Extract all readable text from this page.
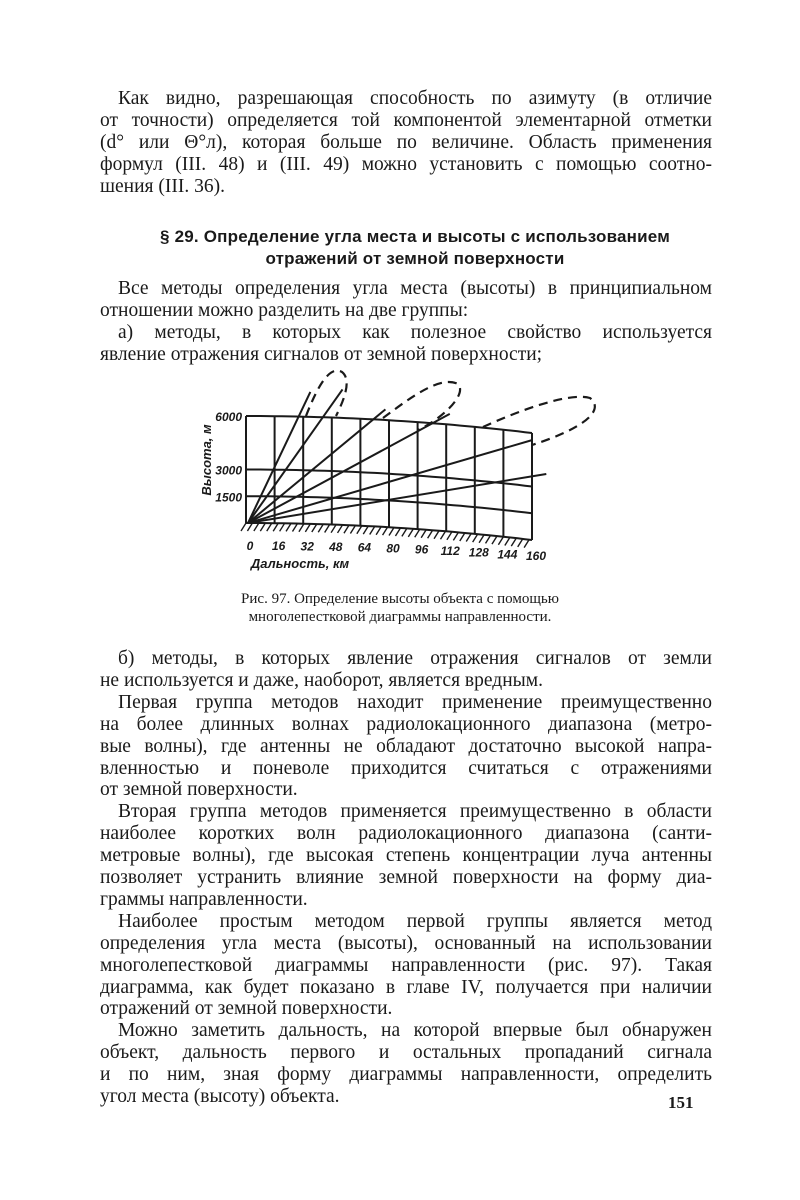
Как видно, разрешающая способность по азимуту (в отличие
от точности) определяется той компонентой элементарной отметки
(d° или Θ°л), которая больше по величине. Область применения
формул (III. 48) и (III. 49) можно установить с помощью соотно-
шения (III. 36).
§ 29. Определение угла места и высоты с использованием
отражений от земной поверхности
Все методы определения угла места (высоты) в принципиальном
отношении можно разделить на две группы:
а) методы, в которых как полезное свойство используется
явление отражения сигналов от земной поверхности;
6000
3000
1500
0 16 32 48 64 80 96 112 128 144 160
Дальность, км
Высота, м
Рис. 97. Определение высоты объекта с помощью
многолепестковой диаграммы направленности.
б) методы, в которых явление отражения сигналов от земли
не используется и даже, наоборот, является вредным.
Первая группа методов находит применение преимущественно
на более длинных волнах радиолокационного диапазона (метро-
вые волны), где антенны не обладают достаточно высокой напра-
вленностью и поневоле приходится считаться с отражениями
от земной поверхности.
Вторая группа методов применяется преимущественно в области
наиболее коротких волн радиолокационного диапазона (санти-
метровые волны), где высокая степень концентрации луча антенны
позволяет устранить влияние земной поверхности на форму диа-
граммы направленности.
Наиболее простым методом первой группы является метод
определения угла места (высоты), основанный на использовании
многолепестковой диаграммы направленности (рис. 97). Такая
диаграмма, как будет показано в главе IV, получается при наличии
отражений от земной поверхности.
Можно заметить дальность, на которой впервые был обнаружен
объект, дальность первого и остальных пропаданий сигнала
и по ним, зная форму диаграммы направленности, определить
угол места (высоту) объекта.	151
